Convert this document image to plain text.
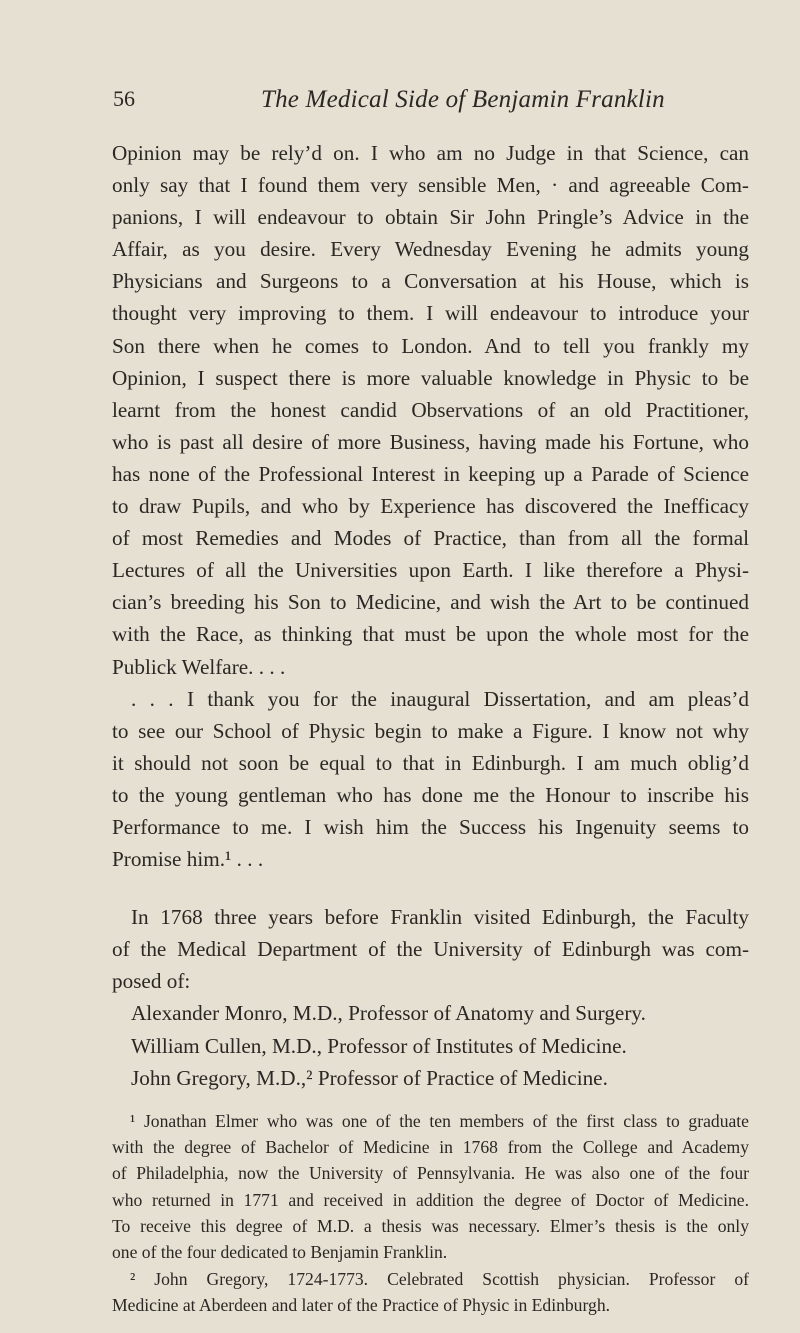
56	The Medical Side of Benjamin Franklin

Opinion may be rely’d on. I who am no Judge in that Science, can

only say that I found them very sensible Men, · and agreeable Com-

panions, I will endeavour to obtain Sir John Pringle’s Advice in the

Affair, as you desire. Every Wednesday Evening he admits young

Physicians and Surgeons to a Conversation at his House, which is

thought very improving to them. I will endeavour to introduce your

Son there when he comes to London. And to tell you frankly my

Opinion, I suspect there is more valuable knowledge in Physic to be

learnt from the honest candid Observations of an old Practitioner,

who is past all desire of more Business, having made his Fortune, who

has none of the Professional Interest in keeping up a Parade of Science

to draw Pupils, and who by Experience has discovered the Inefficacy

of most Remedies and Modes of Practice, than from all the formal

Lectures of all the Universities upon Earth. I like therefore a Physi-

cian’s breeding his Son to Medicine, and wish the Art to be continued

with the Race, as thinking that must be upon the whole most for the

Publick Welfare. . . .

. . . I thank you for the inaugural Dissertation, and am pleas’d

to see our School of Physic begin to make a Figure. I know not why

it should not soon be equal to that in Edinburgh. I am much oblig’d

to the young gentleman who has done me the Honour to inscribe his

Performance to me. I wish him the Success his Ingenuity seems to

Promise him.¹ . . .

In 1768 three years before Franklin visited Edinburgh, the Faculty

of the Medical Department of the University of Edinburgh was com-

posed of:

Alexander Monro, M.D., Professor of Anatomy and Surgery.

William Cullen, M.D., Professor of Institutes of Medicine.

John Gregory, M.D.,² Professor of Practice of Medicine.

¹ Jonathan Elmer who was one of the ten members of the first class to graduate

with the degree of Bachelor of Medicine in 1768 from the College and Academy

of Philadelphia, now the University of Pennsylvania. He was also one of the four

who returned in 1771 and received in addition the degree of Doctor of Medicine.

To receive this degree of M.D. a thesis was necessary. Elmer’s thesis is the only

one of the four dedicated to Benjamin Franklin.

² John Gregory, 1724-1773. Celebrated Scottish physician. Professor of

Medicine at Aberdeen and later of the Practice of Physic in Edinburgh.
